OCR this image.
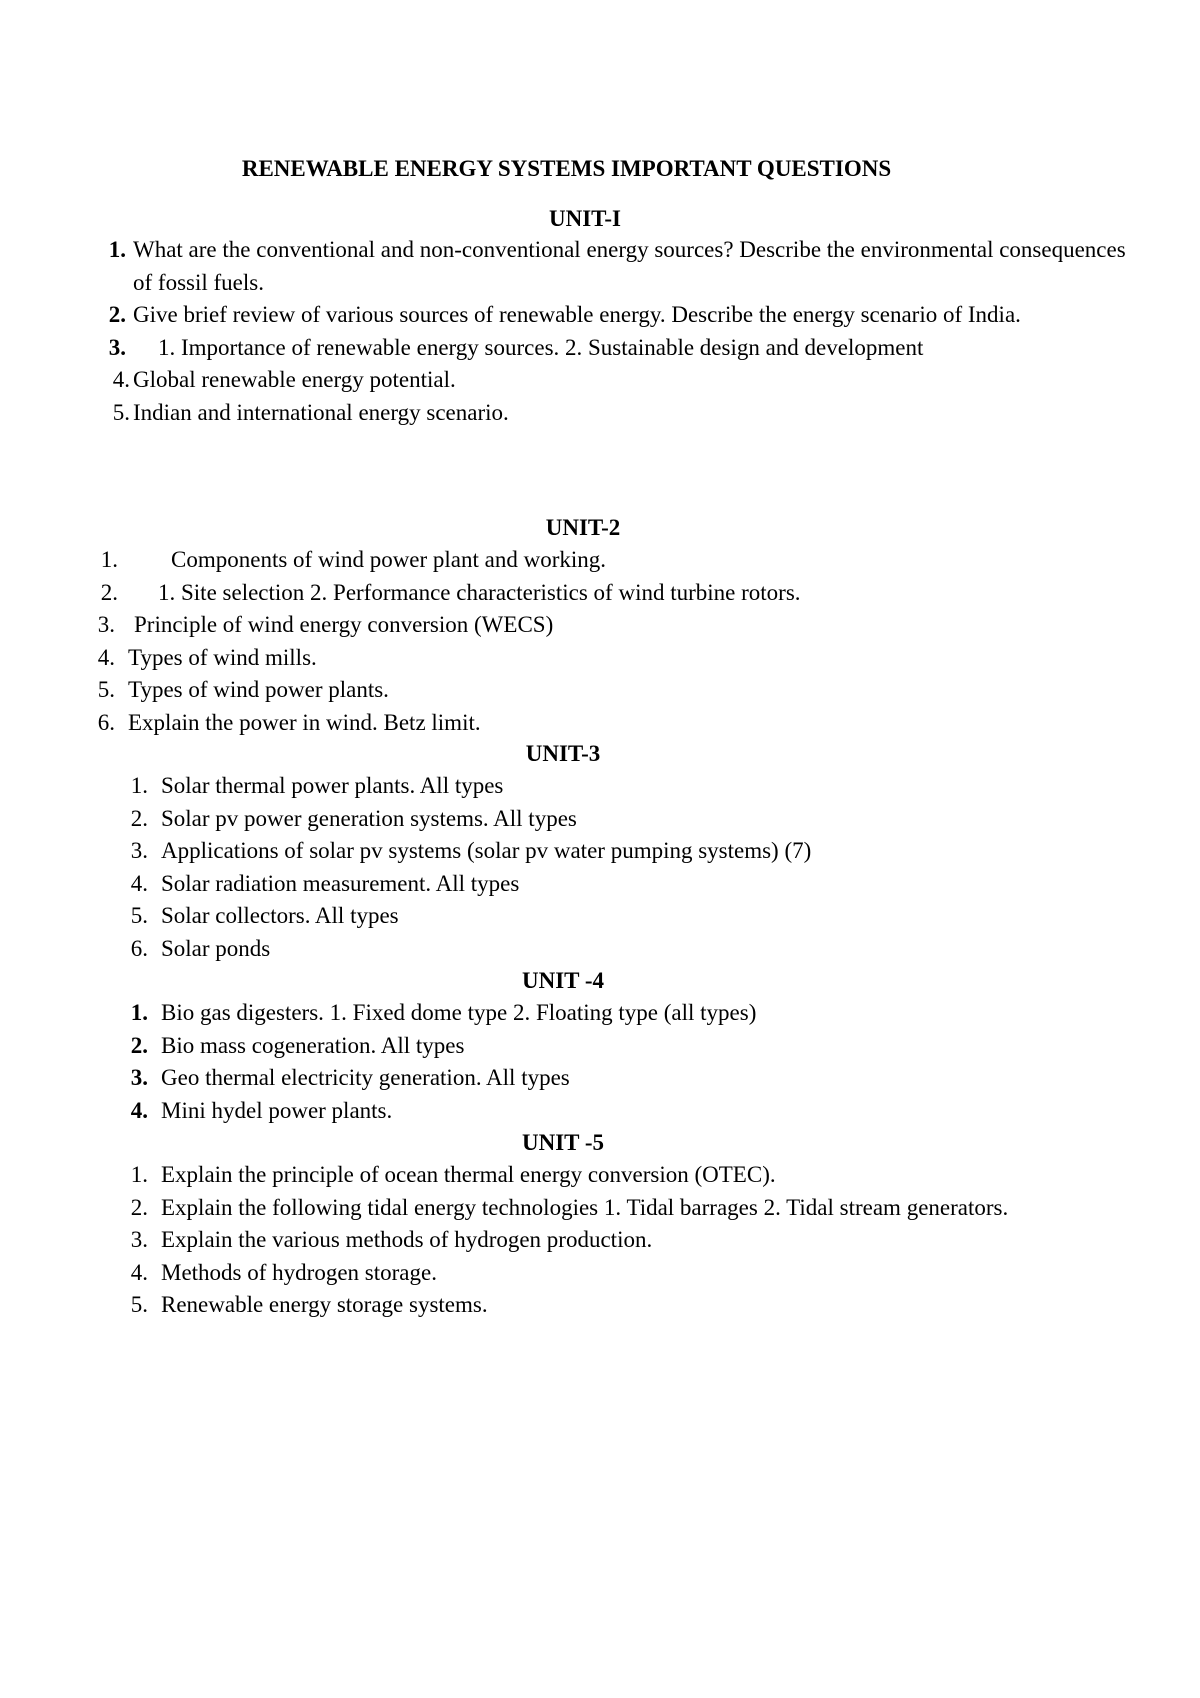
RENEWABLE ENERGY SYSTEMS IMPORTANT QUESTIONS
UNIT-I
1. What are the conventional and non-conventional energy sources? Describe the environmental consequences of fossil fuels.
2. Give brief review of various sources of renewable energy. Describe the energy scenario of India.
3. 1. Importance of renewable energy sources. 2. Sustainable design and development
4. Global renewable energy potential.
5. Indian and international energy scenario.
UNIT-2
1. Components of wind power plant and working.
2. 1. Site selection 2. Performance characteristics of wind turbine rotors.
3. Principle of wind energy conversion (WECS)
4. Types of wind mills.
5. Types of wind power plants.
6. Explain the power in wind. Betz limit.
UNIT-3
1. Solar thermal power plants. All types
2. Solar pv power generation systems. All types
3. Applications of solar pv systems (solar pv water pumping systems) (7)
4. Solar radiation measurement. All types
5. Solar collectors. All types
6. Solar ponds
UNIT -4
1. Bio gas digesters. 1. Fixed dome type 2. Floating type (all types)
2. Bio mass cogeneration. All types
3. Geo thermal electricity generation. All types
4. Mini hydel power plants.
UNIT -5
1. Explain the principle of ocean thermal energy conversion (OTEC).
2. Explain the following tidal energy technologies 1. Tidal barrages 2. Tidal stream generators.
3. Explain the various methods of hydrogen production.
4. Methods of hydrogen storage.
5. Renewable energy storage systems.
